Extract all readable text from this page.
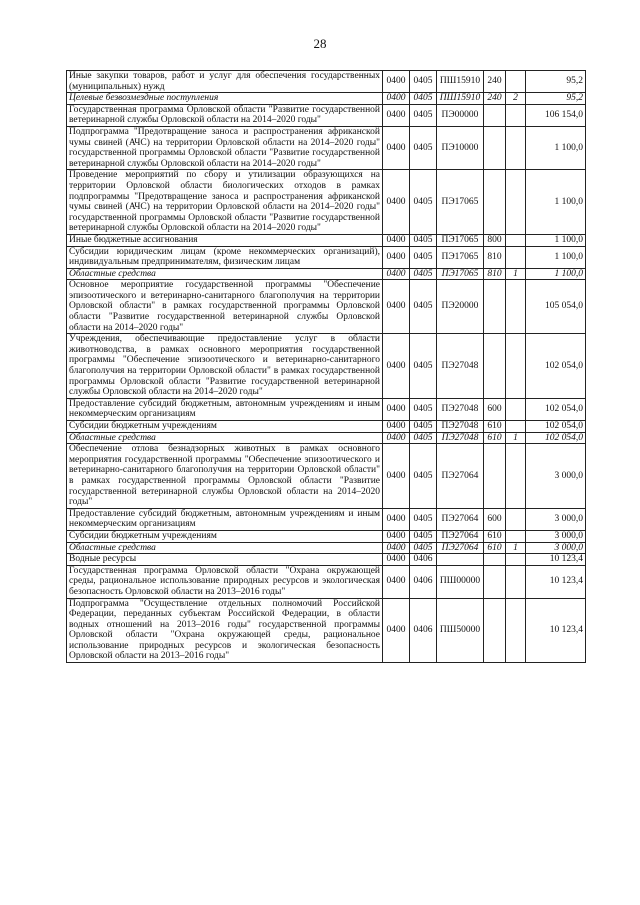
28
Иные закупки товаров, работ и услуг для обеспечения государственных (муниципальных) нужд	0400	0405	ПШ15910	240		95,2
Целевые безвозмездные поступления	0400	0405	ПШ15910	240	2	95,2
Государственная программа Орловской области "Развитие государственной ветеринарной службы Орловской области на 2014–2020 годы"	0400	0405	ПЭ00000			106 154,0
Подпрограмма "Предотвращение заноса и распространения африканской чумы свиней (АЧС) на территории Орловской области на 2014–2020 годы" государственной программы Орловской области "Развитие государственной ветеринарной службы Орловской области на 2014–2020 годы"	0400	0405	ПЭ10000			1 100,0
Проведение мероприятий по сбору и утилизации образующихся на территории Орловской области биологических отходов в рамках подпрограммы "Предотвращение заноса и распространения африканской чумы свиней (АЧС) на территории Орловской области на 2014–2020 годы" государственной программы Орловской области "Развитие государственной ветеринарной службы Орловской области на 2014–2020 годы"	0400	0405	ПЭ17065			1 100,0
Иные бюджетные ассигнования	0400	0405	ПЭ17065	800		1 100,0
Субсидии юридическим лицам (кроме некоммерческих организаций), индивидуальным предпринимателям, физическим лицам	0400	0405	ПЭ17065	810		1 100,0
Областные средства	0400	0405	ПЭ17065	810	1	1 100,0
Основное мероприятие государственной программы "Обеспечение эпизоотического и ветеринарно-санитарного благополучия на территории Орловской области" в рамках государственной программы Орловской области "Развитие государственной ветеринарной службы Орловской области на 2014–2020 годы"	0400	0405	ПЭ20000			105 054,0
Учреждения, обеспечивающие предоставление услуг в области животноводства, в рамках основного мероприятия государственной программы "Обеспечение эпизоотического и ветеринарно-санитарного благополучия на территории Орловской области" в рамках государственной программы Орловской области "Развитие государственной ветеринарной службы Орловской области на 2014–2020 годы"	0400	0405	ПЭ27048			102 054,0
Предоставление субсидий бюджетным, автономным учреждениям и иным некоммерческим организациям	0400	0405	ПЭ27048	600		102 054,0
Субсидии бюджетным учреждениям	0400	0405	ПЭ27048	610		102 054,0
Областные средства	0400	0405	ПЭ27048	610	1	102 054,0
Обеспечение отлова безнадзорных животных в рамках основного мероприятия государственной программы "Обеспечение эпизоотического и ветеринарно-санитарного благополучия на территории Орловской области" в рамках государственной программы Орловской области "Развитие государственной ветеринарной службы Орловской области на 2014–2020 годы"	0400	0405	ПЭ27064			3 000,0
Предоставление субсидий бюджетным, автономным учреждениям и иным некоммерческим организациям	0400	0405	ПЭ27064	600		3 000,0
Субсидии бюджетным учреждениям	0400	0405	ПЭ27064	610		3 000,0
Областные средства	0400	0405	ПЭ27064	610	1	3 000,0
Водные ресурсы	0400	0406				10 123,4
Государственная программа Орловской области "Охрана окружающей среды, рациональное использование природных ресурсов и экологическая безопасность Орловской области на 2013–2016 годы"	0400	0406	ПШ00000			10 123,4
Подпрограмма "Осуществление отдельных полномочий Российской Федерации, переданных субъектам Российской Федерации, в области водных отношений на 2013–2016 годы" государственной программы Орловской области "Охрана окружающей среды, рациональное использование природных ресурсов и экологическая безопасность Орловской области на 2013–2016 годы"	0400	0406	ПШ50000			10 123,4
